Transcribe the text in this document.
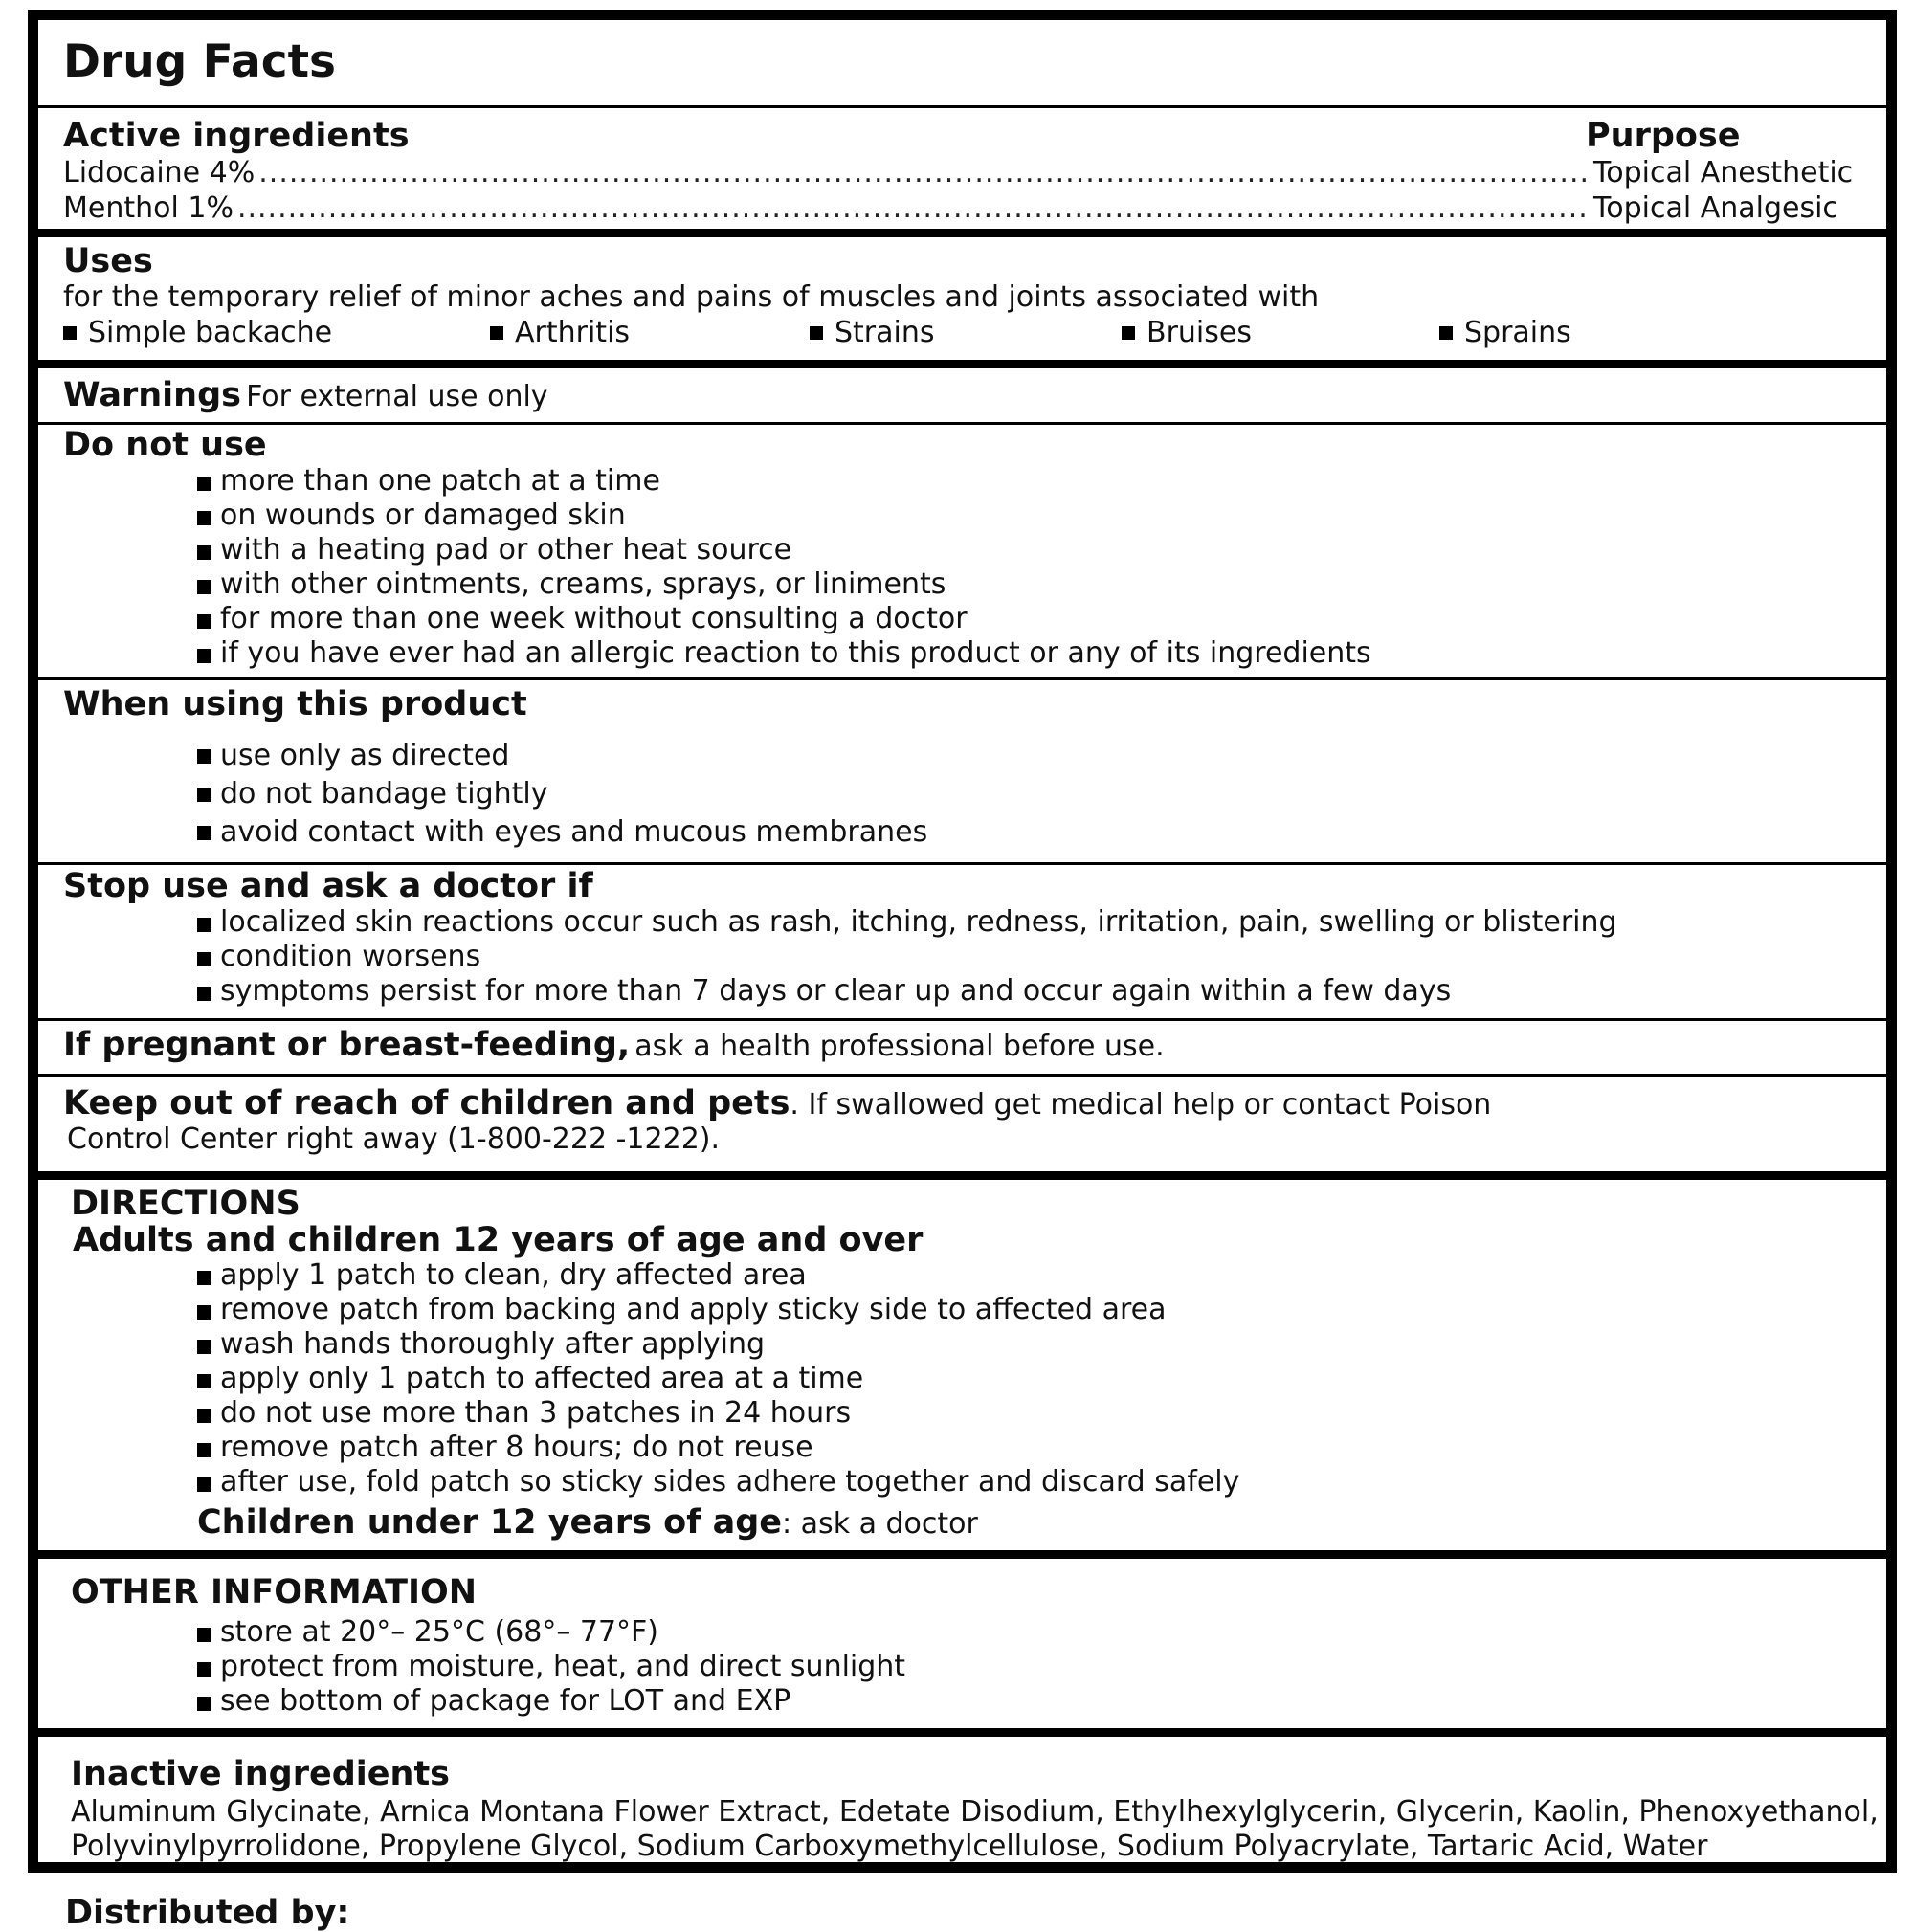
Drug Facts
Active ingredients	Purpose
Lidocaine 4% .....	Topical Anesthetic
Menthol 1% .....	Topical Analgesic
Uses
for the temporary relief of minor aches and pains of muscles and joints associated with
Simple backache	Arthritis	Strains	Bruises	Sprains
Warnings For external use only
Do not use
more than one patch at a time
on wounds or damaged skin
with a heating pad or other heat source
with other ointments, creams, sprays, or liniments
for more than one week without consulting a doctor
if you have ever had an allergic reaction to this product or any of its ingredients
When using this product
use only as directed
do not bandage tightly
avoid contact with eyes and mucous membranes
Stop use and ask a doctor if
localized skin reactions occur such as rash, itching, redness, irritation, pain, swelling or blistering
condition worsens
symptoms persist for more than 7 days or clear up and occur again within a few days
If pregnant or breast-feeding, ask a health professional before use.
Keep out of reach of children and pets. If swallowed get medical help or contact Poison
Control Center right away (1-800-222 -1222).
DIRECTIONS
Adults and children 12 years of age and over
apply 1 patch to clean, dry affected area
remove patch from backing and apply sticky side to affected area
wash hands thoroughly after applying
apply only 1 patch to affected area at a time
do not use more than 3 patches in 24 hours
remove patch after 8 hours; do not reuse
after use, fold patch so sticky sides adhere together and discard safely
Children under 12 years of age: ask a doctor
OTHER INFORMATION
store at 20°– 25°C (68°– 77°F)
protect from moisture, heat, and direct sunlight
see bottom of package for LOT and EXP
Inactive ingredients
Aluminum Glycinate, Arnica Montana Flower Extract, Edetate Disodium, Ethylhexylglycerin, Glycerin, Kaolin, Phenoxyethanol,
Polyvinylpyrrolidone, Propylene Glycol, Sodium Carboxymethylcellulose, Sodium Polyacrylate, Tartaric Acid, Water
Distributed by:
